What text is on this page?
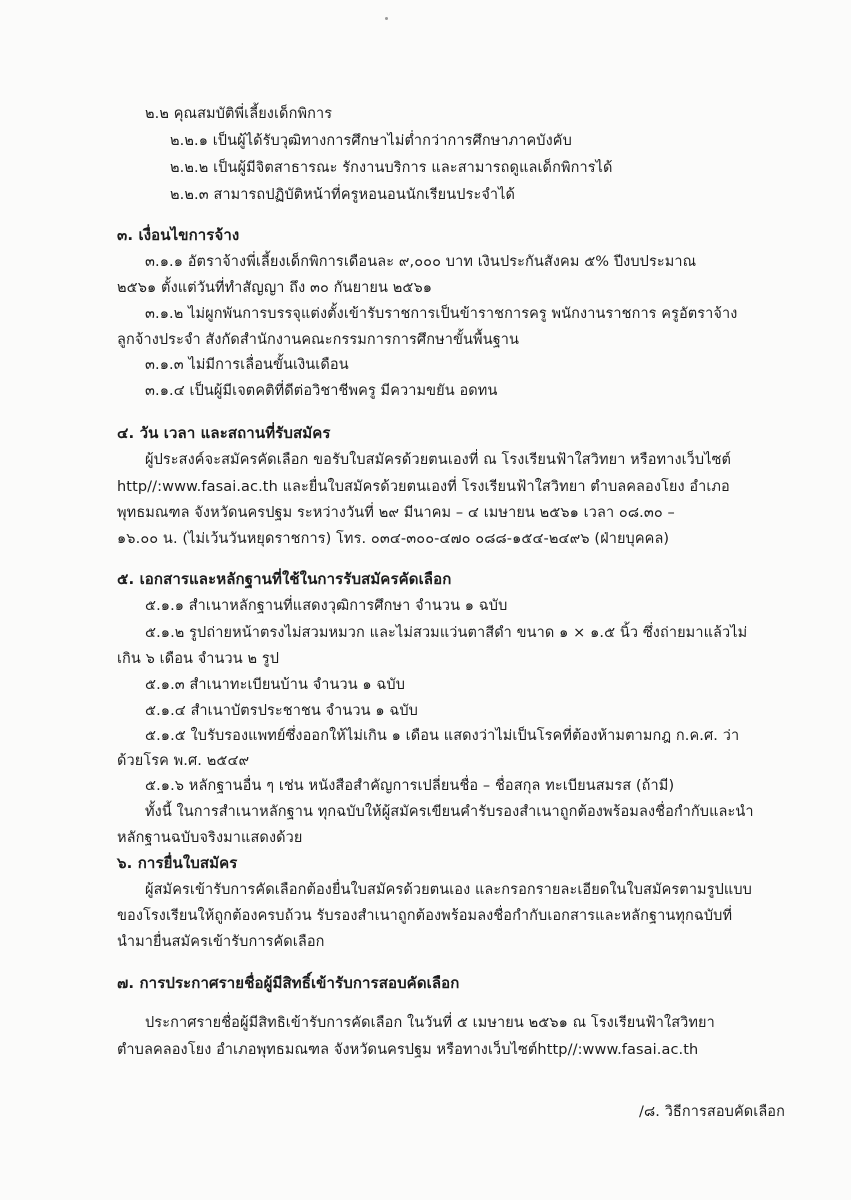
๒.๒ คุณสมบัติพี่เลี้ยงเด็กพิการ
๒.๒.๑ เป็นผู้ได้รับวุฒิทางการศึกษาไม่ต่ำกว่าการศึกษาภาคบังคับ
๒.๒.๒ เป็นผู้มีจิตสาธารณะ รักงานบริการ และสามารถดูแลเด็กพิการได้
๒.๒.๓ สามารถปฏิบัติหน้าที่ครูหอนอนนักเรียนประจำได้
๓. เงื่อนไขการจ้าง
๓.๑.๑ อัตราจ้างพี่เลี้ยงเด็กพิการเดือนละ ๙,๐๐๐ บาท เงินประกันสังคม ๕% ปีงบประมาณ
๒๕๖๑ ตั้งแต่วันที่ทำสัญญา ถึง ๓๐ กันยายน ๒๕๖๑
๓.๑.๒ ไม่ผูกพันการบรรจุแต่งตั้งเข้ารับราชการเป็นข้าราชการครู พนักงานราชการ ครูอัตราจ้าง
ลูกจ้างประจำ สังกัดสำนักงานคณะกรรมการการศึกษาขั้นพื้นฐาน
๓.๑.๓ ไม่มีการเลื่อนขั้นเงินเดือน
๓.๑.๔ เป็นผู้มีเจตคติที่ดีต่อวิชาชีพครู มีความขยัน อดทน
๔. วัน เวลา และสถานที่รับสมัคร
ผู้ประสงค์จะสมัครคัดเลือก ขอรับใบสมัครด้วยตนเองที่ ณ โรงเรียนฟ้าใสวิทยา หรือทางเว็บไซต์
http//:www.fasai.ac.th และยื่นใบสมัครด้วยตนเองที่ โรงเรียนฟ้าใสวิทยา ตำบลคลองโยง อำเภอ
พุทธมณฑล จังหวัดนครปฐม ระหว่างวันที่ ๒๙ มีนาคม – ๔ เมษายน ๒๕๖๑ เวลา ๐๘.๓๐ –
๑๖.๐๐ น. (ไม่เว้นวันหยุดราชการ) โทร. ๐๓๔-๓๐๐-๔๗๐ ๐๘๘-๑๕๔-๒๔๙๖ (ฝ่ายบุคคล)
๕. เอกสารและหลักฐานที่ใช้ในการรับสมัครคัดเลือก
๕.๑.๑ สำเนาหลักฐานที่แสดงวุฒิการศึกษา จำนวน ๑ ฉบับ
๕.๑.๒ รูปถ่ายหน้าตรงไม่สวมหมวก และไม่สวมแว่นตาสีดำ ขนาด ๑ × ๑.๕ นิ้ว ซึ่งถ่ายมาแล้วไม่
เกิน ๖ เดือน จำนวน ๒ รูป
๕.๑.๓ สำเนาทะเบียนบ้าน จำนวน ๑ ฉบับ
๕.๑.๔ สำเนาบัตรประชาชน จำนวน ๑ ฉบับ
๕.๑.๕ ใบรับรองแพทย์ซึ่งออกให้ไม่เกิน ๑ เดือน แสดงว่าไม่เป็นโรคที่ต้องห้ามตามกฎ ก.ค.ศ. ว่า
ด้วยโรค พ.ศ. ๒๕๔๙
๕.๑.๖ หลักฐานอื่น ๆ เช่น หนังสือสำคัญการเปลี่ยนชื่อ – ชื่อสกุล ทะเบียนสมรส (ถ้ามี)
ทั้งนี้ ในการสำเนาหลักฐาน ทุกฉบับให้ผู้สมัครเขียนคำรับรองสำเนาถูกต้องพร้อมลงชื่อกำกับและนำ
หลักฐานฉบับจริงมาแสดงด้วย
๖. การยื่นใบสมัคร
ผู้สมัครเข้ารับการคัดเลือกต้องยื่นใบสมัครด้วยตนเอง และกรอกรายละเอียดในใบสมัครตามรูปแบบ
ของโรงเรียนให้ถูกต้องครบถ้วน รับรองสำเนาถูกต้องพร้อมลงชื่อกำกับเอกสารและหลักฐานทุกฉบับที่
นำมายื่นสมัครเข้ารับการคัดเลือก
๗. การประกาศรายชื่อผู้มีสิทธิ์เข้ารับการสอบคัดเลือก
ประกาศรายชื่อผู้มีสิทธิเข้ารับการคัดเลือก ในวันที่ ๕ เมษายน ๒๕๖๑ ณ โรงเรียนฟ้าใสวิทยา
ตำบลคลองโยง อำเภอพุทธมณฑล จังหวัดนครปฐม หรือทางเว็บไซต์http//:www.fasai.ac.th
/๘. วิธีการสอบคัดเลือก
